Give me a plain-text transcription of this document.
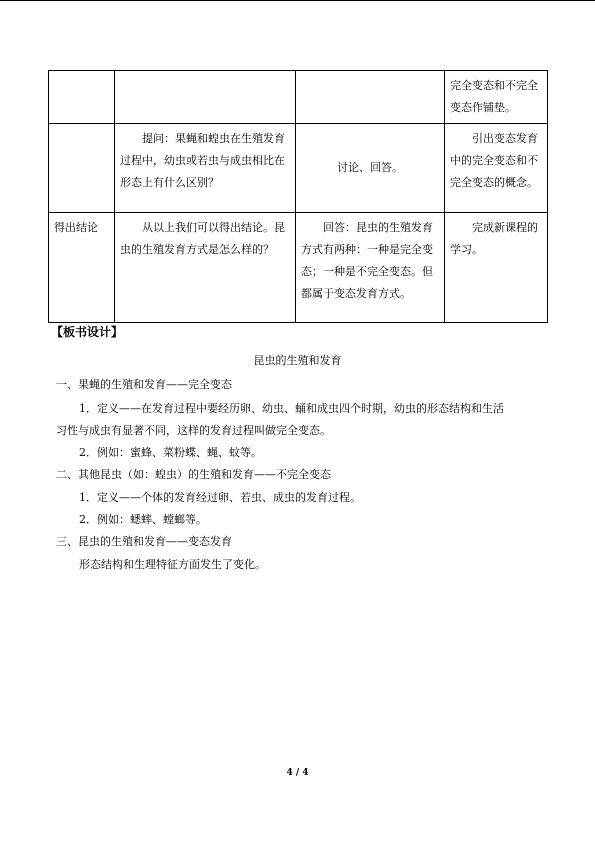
			完全变态和不完全变态作铺垫。
	提问：果蝇和蝗虫在生殖发育过程中，幼虫或若虫与成虫相比在形态上有什么区别？	讨论、回答。	引出变态发育中的完全变态和不完全变态的概念。
得出结论	从以上我们可以得出结论。昆虫的生殖发育方式是怎么样的？	回答：昆虫的生殖发育方式有两种：一种是完全变态；一种是不完全变态。但都属于变态发育方式。	完成新课程的学习。
【板书设计】
昆虫的生殖和发育
一、果蝇的生殖和发育——完全变态
1．定义——在发育过程中要经历卵、幼虫、蛹和成虫四个时期，幼虫的形态结构和生活
习性与成虫有显著不同，这样的发育过程叫做完全变态。
2．例如：蜜蜂、菜粉蝶、蝇、蚊等。
二、其他昆虫（如：蝗虫）的生殖和发育——不完全变态
1．定义——个体的发育经过卵、若虫、成虫的发育过程。
2．例如：蟋蟀、螳螂等。
三、昆虫的生殖和发育——变态发育
形态结构和生理特征方面发生了变化。
4 / 4
